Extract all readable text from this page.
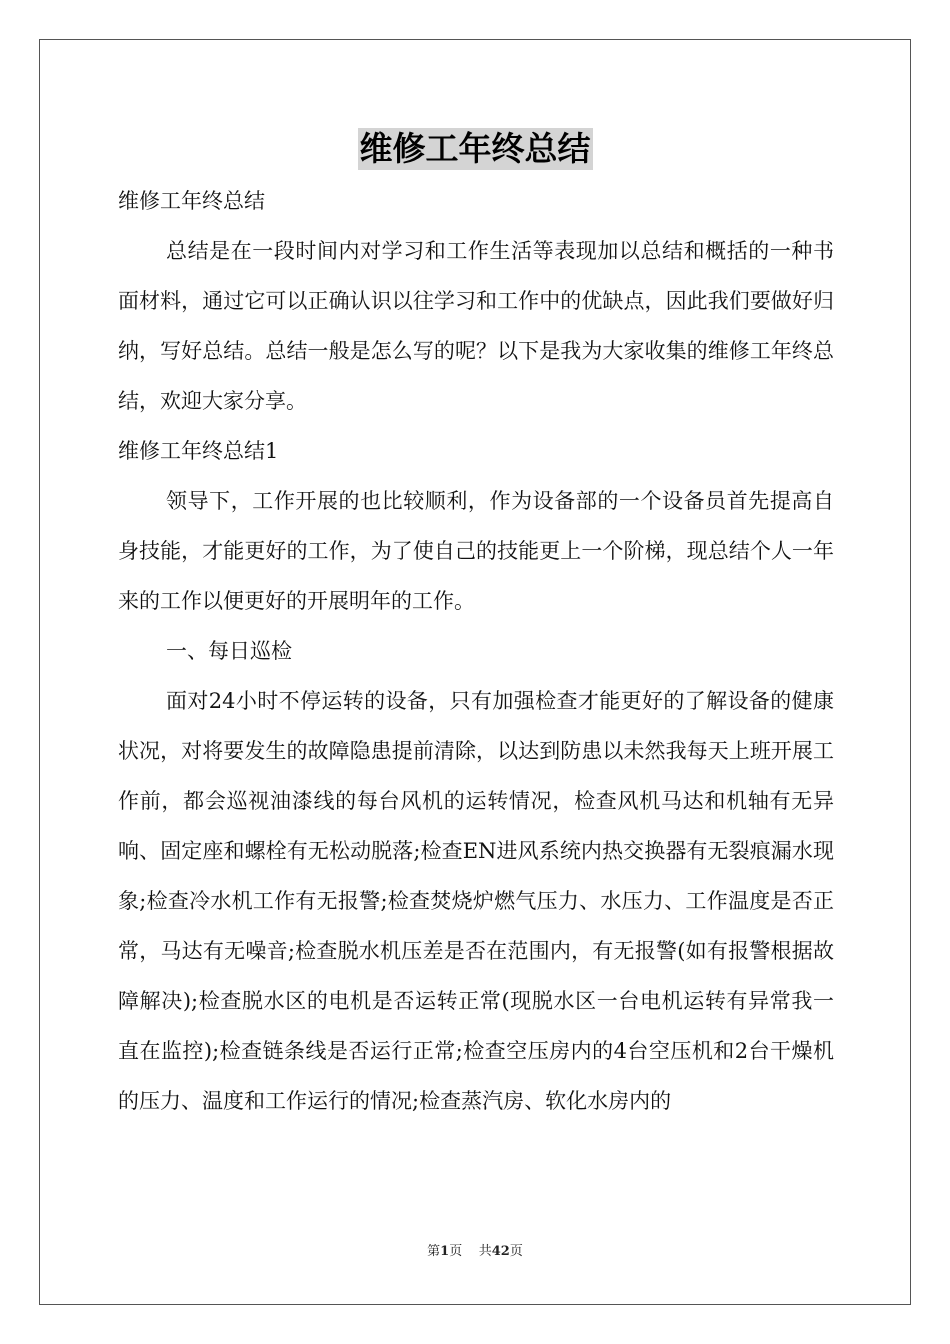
维修工年终总结

维修工年终总结

总结是在一段时间内对学习和工作生活等表现加以总结和概括的一种书面材料，通过它可以正确认识以往学习和工作中的优缺点，因此我们要做好归纳，写好总结。总结一般是怎么写的呢？以下是我为大家收集的维修工年终总结，欢迎大家分享。

维修工年终总结1

领导下，工作开展的也比较顺利，作为设备部的一个设备员首先提高自身技能，才能更好的工作，为了使自己的技能更上一个阶梯，现总结个人一年来的工作以便更好的开展明年的工作。

一、每日巡检

面对24小时不停运转的设备，只有加强检查才能更好的了解设备的健康状况，对将要发生的故障隐患提前清除，以达到防患以未然我每天上班开展工作前，都会巡视油漆线的每台风机的运转情况，检查风机马达和机轴有无异响、固定座和螺栓有无松动脱落;检查EN进风系统内热交换器有无裂痕漏水现象;检查冷水机工作有无报警;检查焚烧炉燃气压力、水压力、工作温度是否正常，马达有无噪音;检查脱水机压差是否在范围内，有无报警(如有报警根据故障解决);检查脱水区的电机是否运转正常(现脱水区一台电机运转有异常我一直在监控);检查链条线是否运行正常;检查空压房内的4台空压机和2台干燥机的压力、温度和工作运行的情况;检查蒸汽房、软化水房内的

第1页 共42页
